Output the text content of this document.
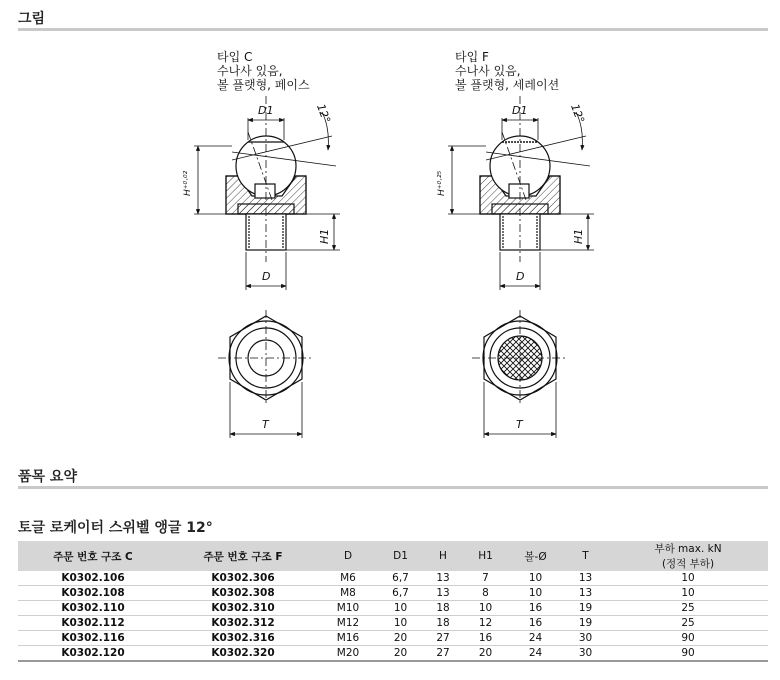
그림
타입 C
수나사 있음,
볼 플랫형, 페이스
타입 F
수나사 있음,
볼 플랫형, 세레이션
D1	12°
H⁺⁰·⁰²
H1
D
D1	12°
H⁺⁰·²⁵
H1
D
T	T
품목 요약
토글 로케이터 스위벨 앵글 12°
주문 번호 구조 C	주문 번호 구조 F	D	D1	H	H1	볼-Ø	T	부하 max. kN
(정적 부하)

K0302.106	K0302.306	M6	6,7	13	7	10	13	10
K0302.108	K0302.308	M8	6,7	13	8	10	13	10
K0302.110	K0302.310	M10	10	18	10	16	19	25
K0302.112	K0302.312	M12	10	18	12	16	19	25
K0302.116	K0302.316	M16	20	27	16	24	30	90
K0302.120	K0302.320	M20	20	27	20	24	30	90
